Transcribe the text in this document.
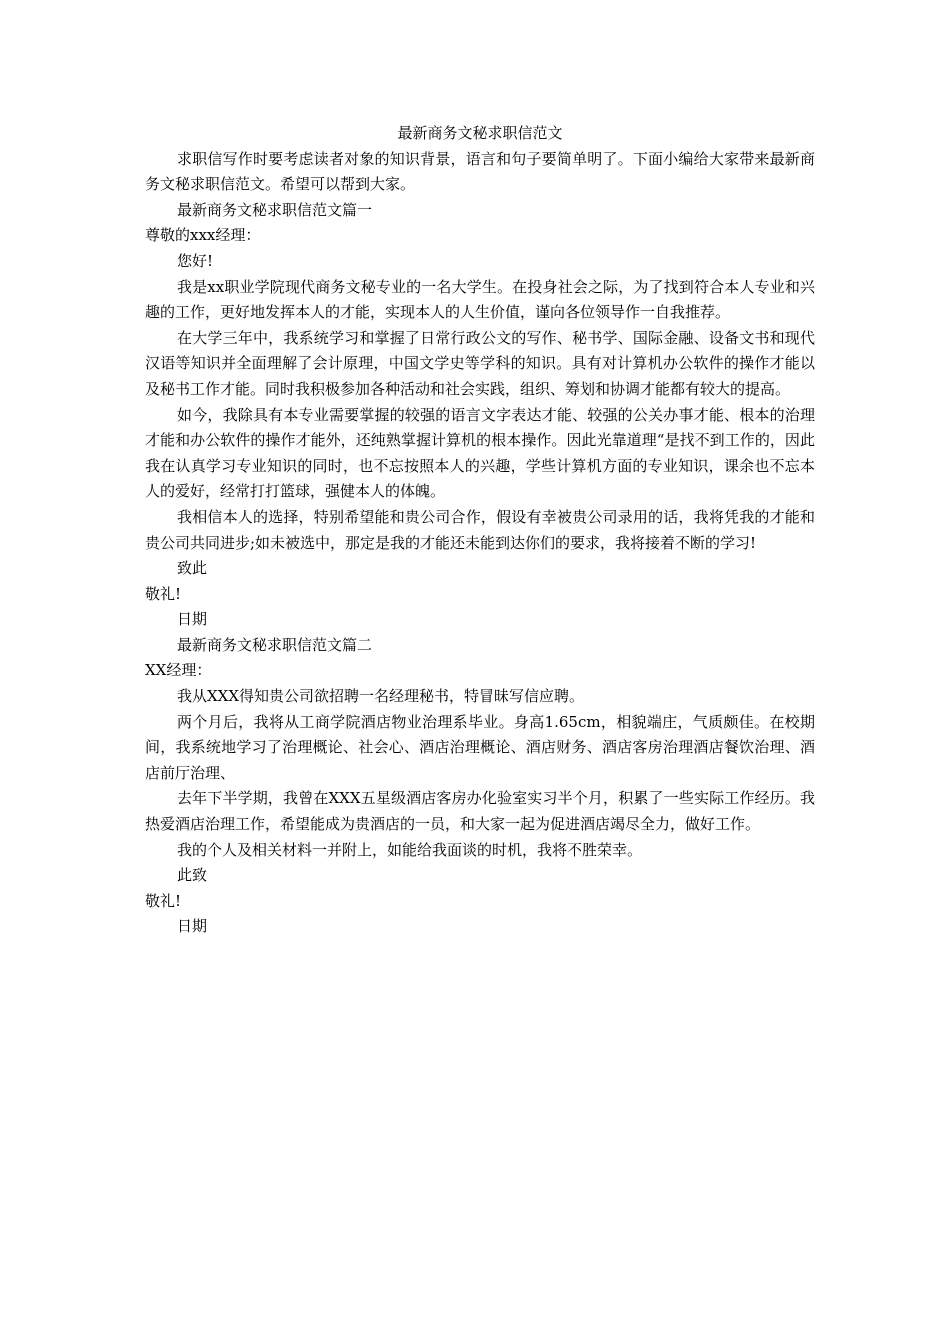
最新商务文秘求职信范文

求职信写作时要考虑读者对象的知识背景，语言和句子要简单明了。下面小编给大家带来最新商务文秘求职信范文。希望可以帮到大家。

最新商务文秘求职信范文篇一

尊敬的xxx经理：

您好!

我是xx职业学院现代商务文秘专业的一名大学生。在投身社会之际，为了找到符合本人专业和兴趣的工作，更好地发挥本人的才能，实现本人的人生价值，谨向各位领导作一自我推荐。

在大学三年中，我系统学习和掌握了日常行政公文的写作、秘书学、国际金融、设备文书和现代汉语等知识并全面理解了会计原理，中国文学史等学科的知识。具有对计算机办公软件的操作才能以及秘书工作才能。同时我积极参加各种活动和社会实践，组织、筹划和协调才能都有较大的提高。

如今，我除具有本专业需要掌握的较强的语言文字表达才能、较强的公关办事才能、根本的治理才能和办公软件的操作才能外，还纯熟掌握计算机的根本操作。因此光靠道理“是找不到工作的，因此我在认真学习专业知识的同时，也不忘按照本人的兴趣，学些计算机方面的专业知识，课余也不忘本人的爱好，经常打打篮球，强健本人的体魄。

我相信本人的选择，特别希望能和贵公司合作，假设有幸被贵公司录用的话，我将凭我的才能和贵公司共同进步;如未被选中，那定是我的才能还未能到达你们的要求，我将接着不断的学习!

致此

敬礼!

日期

最新商务文秘求职信范文篇二

XX经理：

我从XXX得知贵公司欲招聘一名经理秘书，特冒昧写信应聘。

两个月后，我将从工商学院酒店物业治理系毕业。身高1.65cm，相貌端庄，气质颇佳。在校期间，我系统地学习了治理概论、社会心、酒店治理概论、酒店财务、酒店客房治理酒店餐饮治理、酒店前厅治理、

去年下半学期，我曾在XXX五星级酒店客房办化验室实习半个月，积累了一些实际工作经历。我热爱酒店治理工作，希望能成为贵酒店的一员，和大家一起为促进酒店竭尽全力，做好工作。

我的个人及相关材料一并附上，如能给我面谈的时机，我将不胜荣幸。

此致

敬礼!

日期
